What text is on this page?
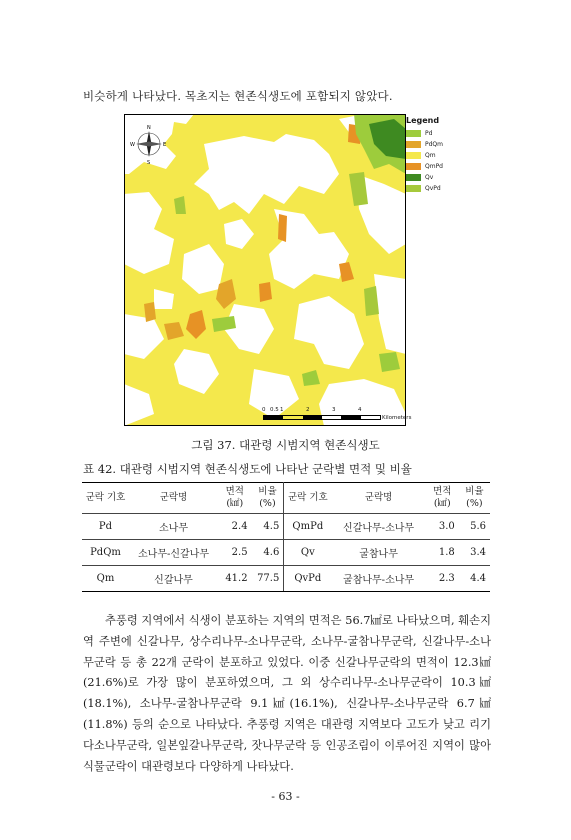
비슷하게 나타났다. 목초지는 현존식생도에 포함되지 않았다.
N
S
E
W
Legend
Pd
PdQm
Qm
QmPd
Qv
QvPd
0 0.5 1	2	3	4
Kilometers
그림 37. 대관령 시범지역 현존식생도
표 42. 대관령 시범지역 현존식생도에 나타난 군락별 면적 및 비율
군락 기호	군락명	면적 (㎢)	비율 (%)	군락 기호	군락명	면적 (㎢)	비율 (%)
Pd	소나무	2.4	4.5	QmPd	신갈나무-소나무	3.0	5.6
PdQm	소나무-신갈나무	2.5	4.6	Qv	굴참나무	1.8	3.4
Qm	신갈나무	41.2	77.5	QvPd	굴참나무-소나무	2.3	4.4

추풍령 지역에서 식생이 분포하는 지역의 면적은 56.7㎢로 나타났으며, 훼손지역 주변에 신갈나무, 상수리나무-소나무군락, 소나무-굴참나무군락, 신갈나무-소나무군락 등 총 22개 군락이 분포하고 있었다. 이중 신갈나무군락의 면적이 12.3㎢(21.6%)로 가장 많이 분포하였으며, 그 외 상수리나무-소나무군락이 10.3㎢(18.1%), 소나무-굴참나무군락 9.1㎢(16.1%), 신갈나무-소나무군락 6.7㎢(11.8%) 등의 순으로 나타났다. 추풍령 지역은 대관령 지역보다 고도가 낮고 리기다소나무군락, 일본잎갈나무군락, 잣나무군락 등 인공조림이 이루어진 지역이 많아 식물군락이 대관령보다 다양하게 나타났다.

- 63 -
